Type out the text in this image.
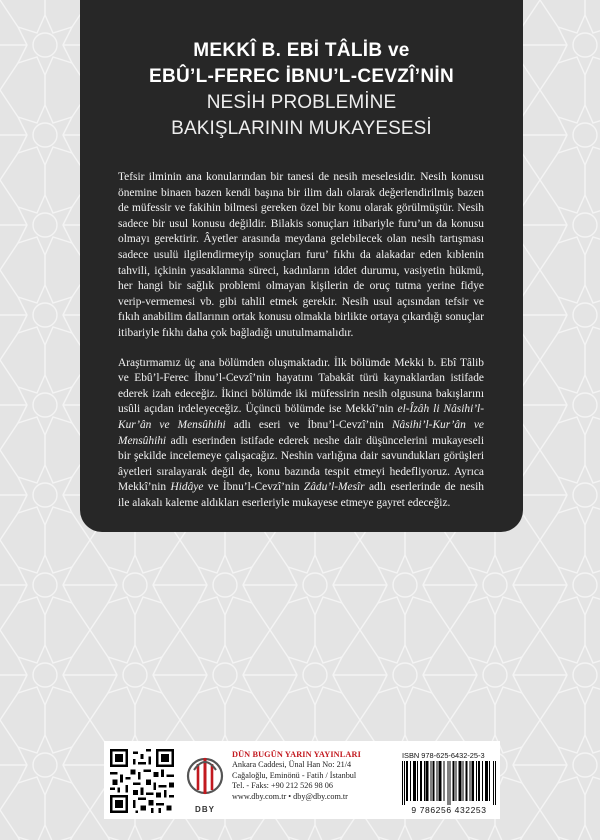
MEKKÎ B. EBİ TÂLİB ve
EBÛ’L-FEREC İBNU’L-CEVZÎ’NİN
NESİH PROBLEMİNE
BAKIŞLARININ MUKAYESESİ

Tefsir ilminin ana konularından bir tanesi de nesih meselesidir. Nesih konusu önemine binaen bazen kendi başına bir ilim dalı olarak değerlendirilmiş bazen de müfessir ve fakihin bilmesi gereken özel bir konu olarak görülmüştür. Nesih sadece bir usul konusu değildir. Bilakis sonuçları itibariyle furu’un da konusu olmayı gerektirir. Âyetler arasında meydana gelebilecek olan nesih tartışması sadece usulü ilgilendirmeyip sonuçları furu’ fıkhı da alakadar eden kıblenin tahvili, içkinin yasaklanma süreci, kadınların iddet durumu, vasiyetin hükmü, her hangi bir sağlık problemi olmayan kişilerin de oruç tutma yerine fidye verip-vermemesi vb. gibi tahlil etmek gerekir. Nesih usul açısından tefsir ve fıkıh anabilim dallarının ortak konusu olmakla birlikte ortaya çıkardığı sonuçlar itibariyle fıkhı daha çok bağladığı unutulmamalıdır.

Araştırmamız üç ana bölümden oluşmaktadır. İlk bölümde Mekki b. Ebî Tâlib ve Ebû’l-Ferec İbnu’l-Cevzî’nin hayatını Tabakât türü kaynaklardan istifade ederek izah edeceğiz. İkinci bölümde iki müfessirin nesih olgusuna bakışlarını usûli açıdan irdeleyeceğiz. Üçüncü bölümde ise Mekkî’nin el-Îzâh li Nâsihi’l-Kur’ân ve Mensûhihi adlı eseri ve İbnu’l-Cevzî’nin Nâsihi’l-Kur’ân ve Mensûhihi adlı eserinden istifade ederek neshe dair düşüncelerini mukayeseli bir şekilde incelemeye çalışacağız. Neshin varlığına dair savundukları görüşleri âyetleri sıralayarak değil de, konu bazında tespit etmeyi hedefliyoruz. Ayrıca Mekkî’nin Hidâye ve İbnu’l-Cevzî’nin Zâdu’l-Mesîr adlı eserlerinde de nesih ile alakalı kaleme aldıkları eserleriyle mukayese etmeye gayret edeceğiz.

DBY
DÜN BUGÜN YARIN YAYINLARI
Ankara Caddesi, Ünal Han No: 21/4
Cağaloğlu, Eminönü - Fatih / İstanbul
Tel. - Faks: +90 212 526 98 06
www.dby.com.tr • dby@dby.com.tr
ISBN 978-625-6432-25-3
9 786256 432253
